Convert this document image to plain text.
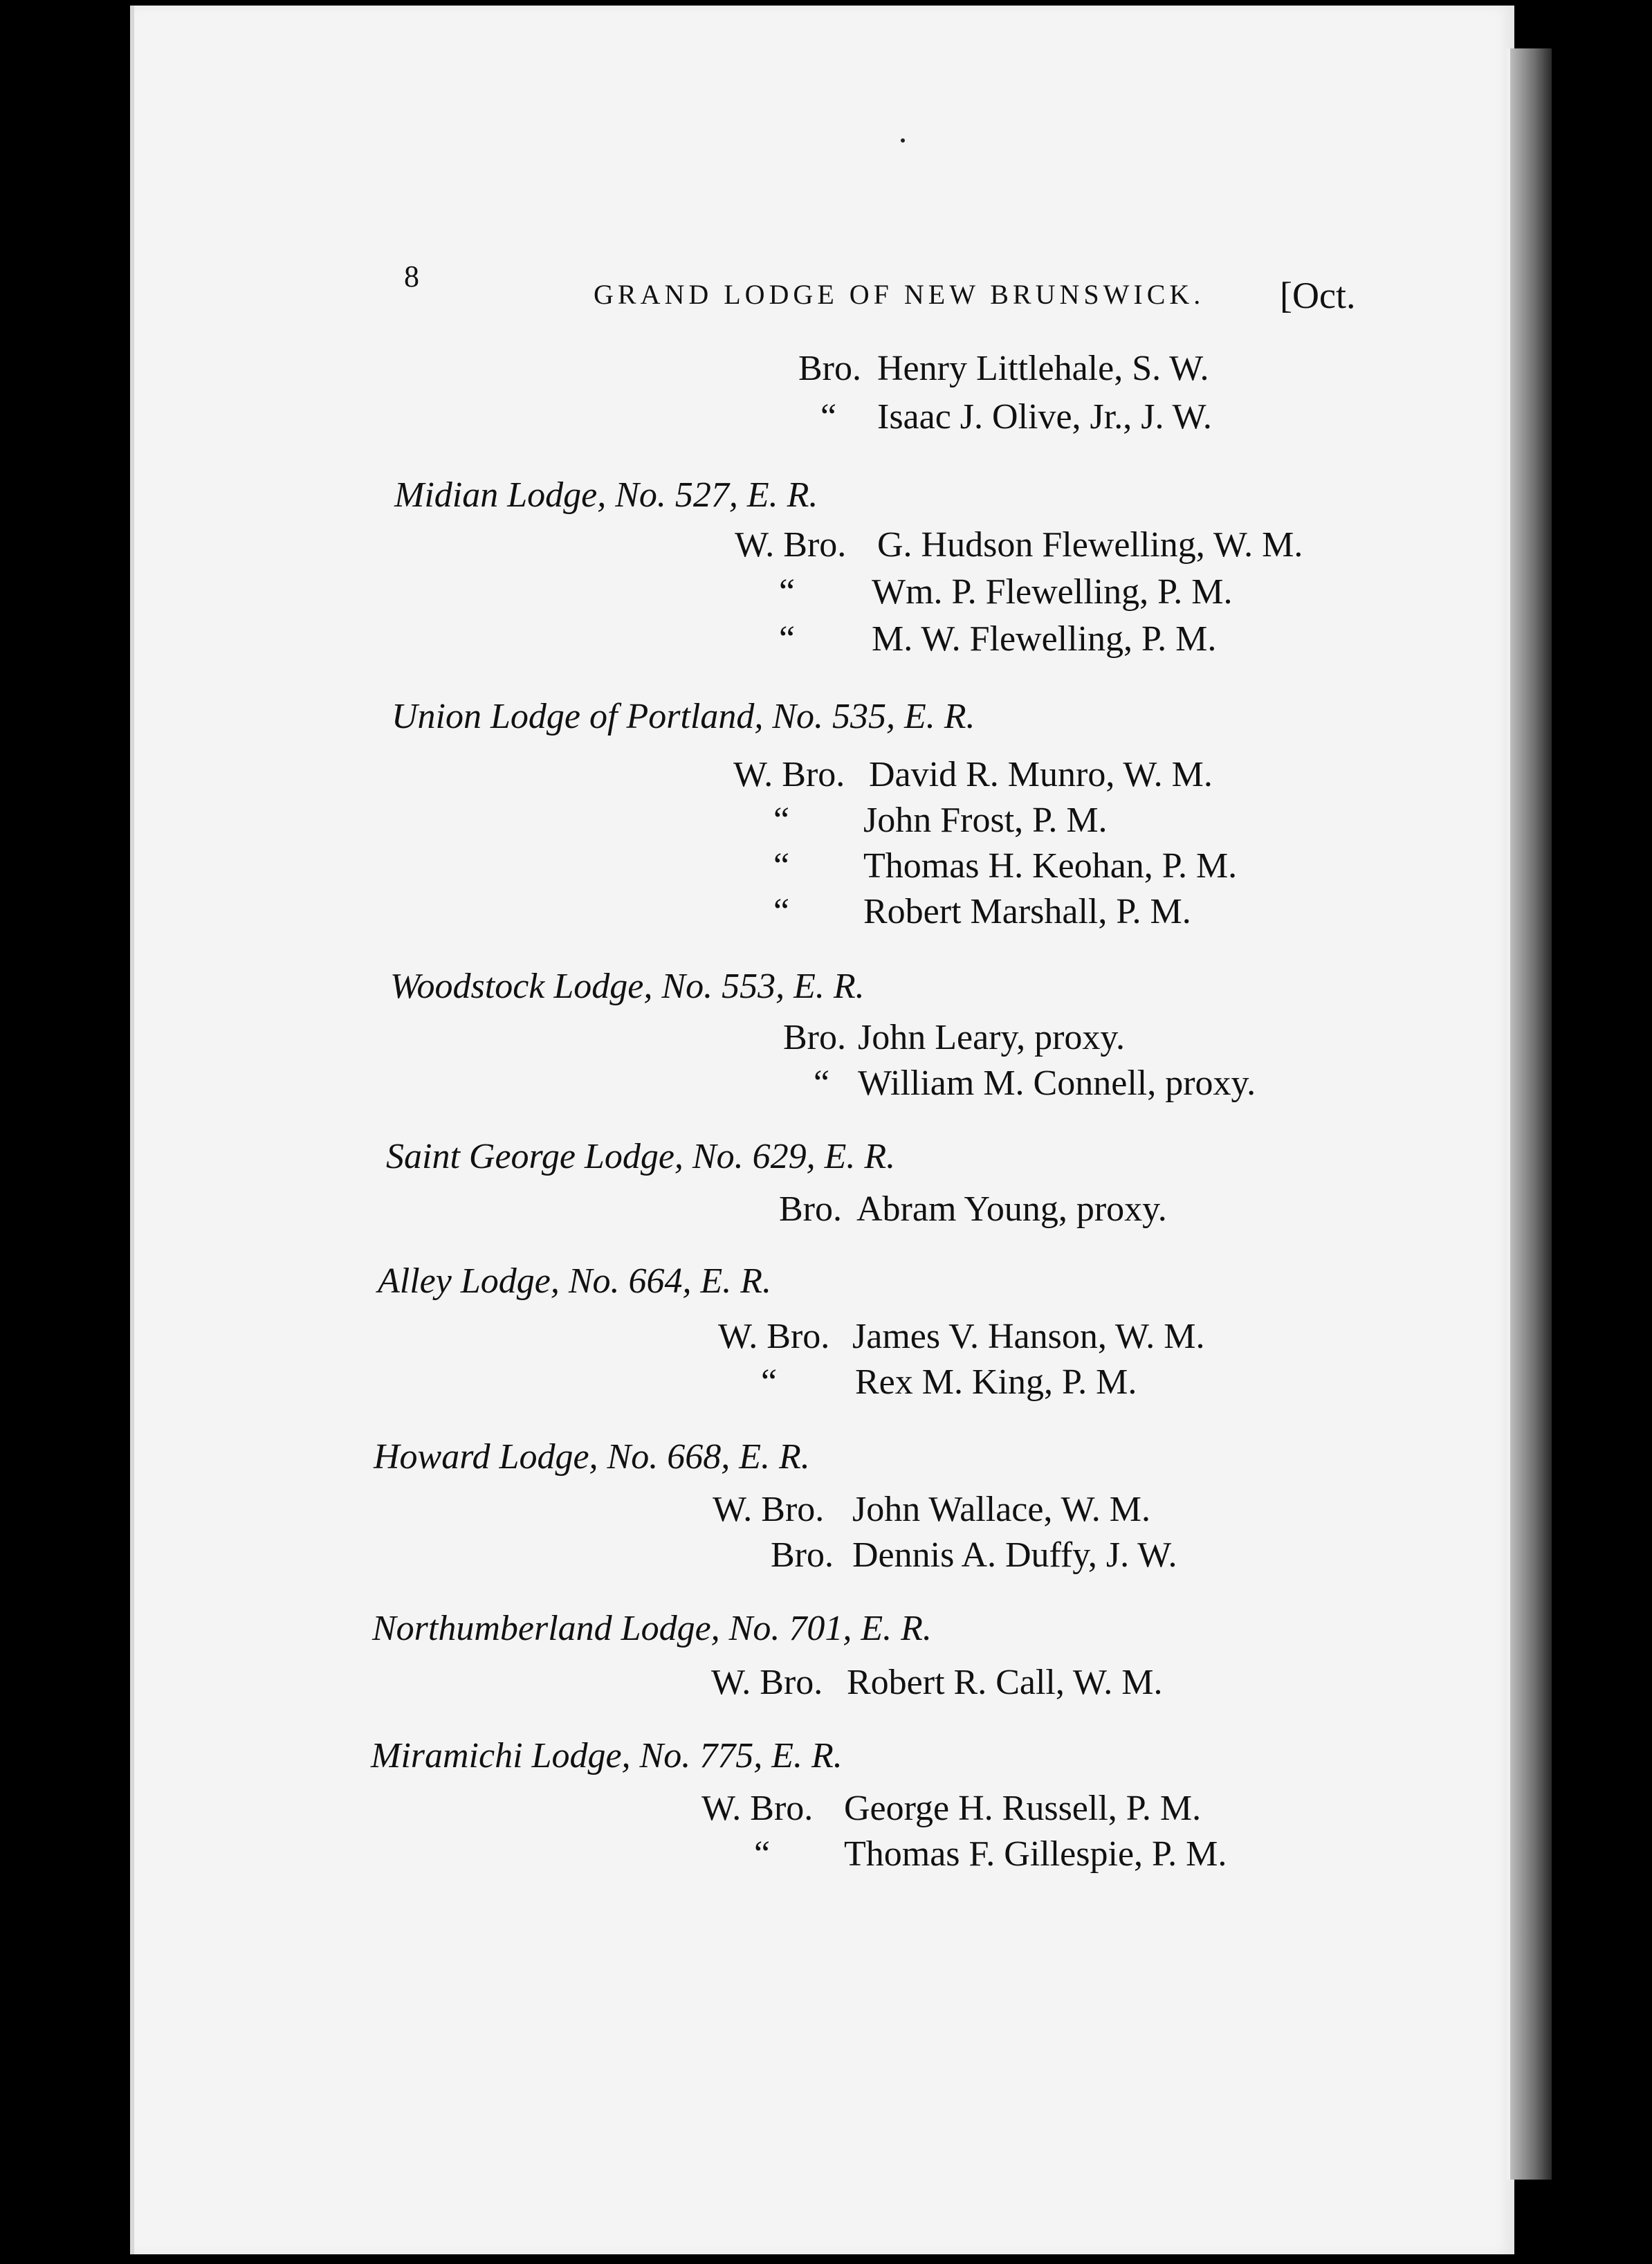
8
GRAND LODGE OF NEW BRUNSWICK. [Oct.
Bro. Henry Littlehale, S. W.
“ Isaac J. Olive, Jr., J. W.
Midian Lodge, No. 527, E. R.
W. Bro. G. Hudson Flewelling, W. M.
“ Wm. P. Flewelling, P. M.
“ M. W. Flewelling, P. M.
Union Lodge of Portland, No. 535, E. R.
W. Bro. David R. Munro, W. M.
“ John Frost, P. M.
“ Thomas H. Keohan, P. M.
“ Robert Marshall, P. M.
Woodstock Lodge, No. 553, E. R.
Bro. John Leary, proxy.
“ William M. Connell, proxy.
Saint George Lodge, No. 629, E. R.
Bro. Abram Young, proxy.
Alley Lodge, No. 664, E. R.
W. Bro. James V. Hanson, W. M.
“ Rex M. King, P. M.
Howard Lodge, No. 668, E. R.
W. Bro. John Wallace, W. M.
Bro. Dennis A. Duffy, J. W.
Northumberland Lodge, No. 701, E. R.
W. Bro. Robert R. Call, W. M.
Miramichi Lodge, No. 775, E. R.
W. Bro. George H. Russell, P. M.
“ Thomas F. Gillespie, P. M.
